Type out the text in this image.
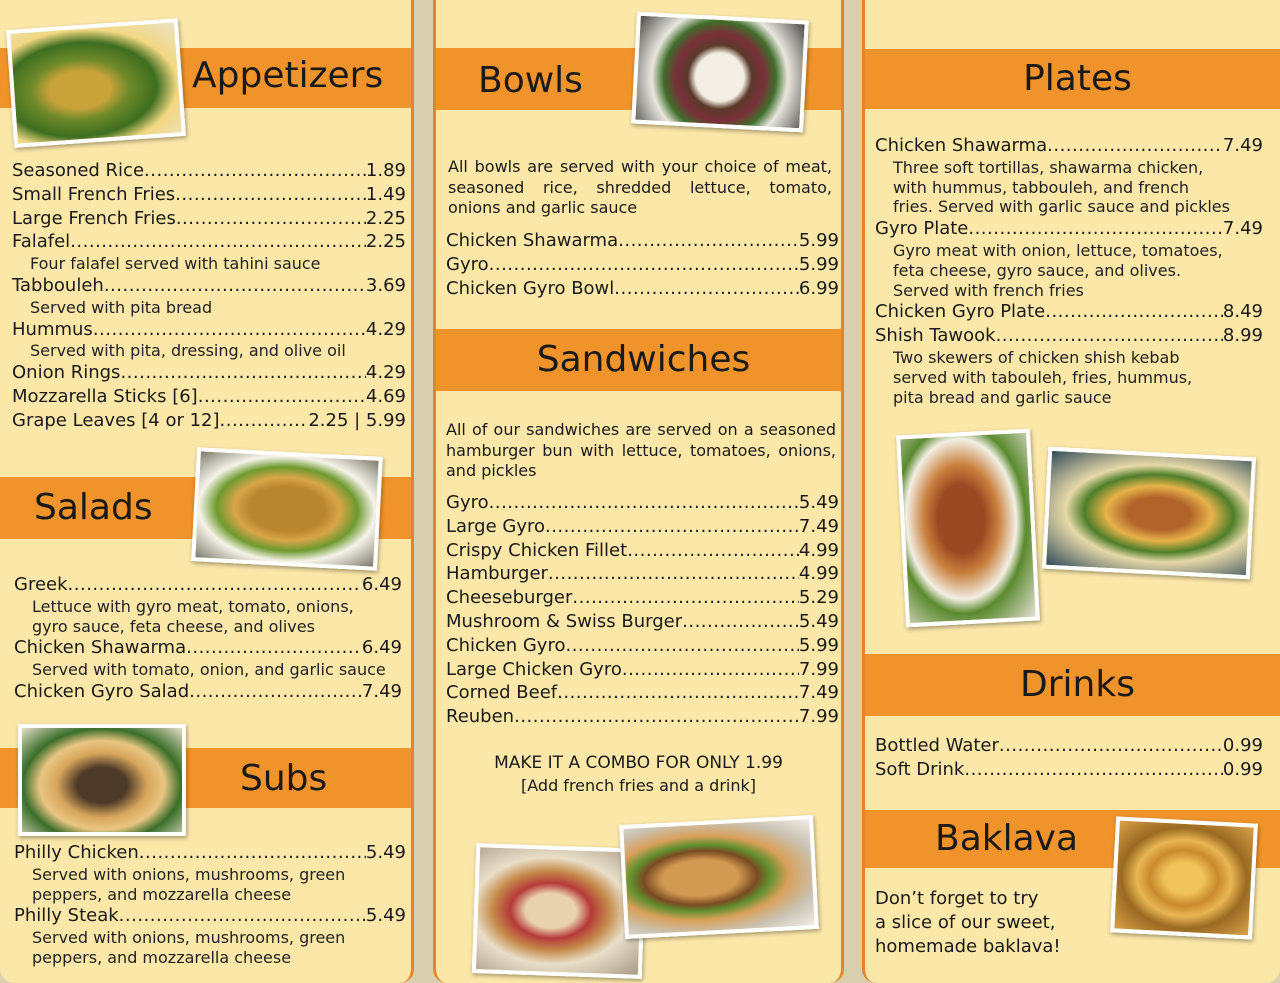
Appetizers
Seasoned Rice .....	1.89
Small French Fries .....	1.49
Large French Fries .....	2.25
Falafel .....	2.25
Four falafel served with tahini sauce
Tabbouleh .....	3.69
Served with pita bread
Hummus .....	4.29
Served with pita, dressing, and olive oil
Onion Rings .....	4.29
Mozzarella Sticks [6] .....	4.69
Grape Leaves [4 or 12] .....	2.25 | 5.99
Salads
Greek .....	6.49
Lettuce with gyro meat, tomato, onions,
gyro sauce, feta cheese, and olives
Chicken Shawarma .....	6.49
Served with tomato, onion, and garlic sauce
Chicken Gyro Salad .....	7.49
Subs
Philly Chicken .....	5.49
Served with onions, mushrooms, green
peppers, and mozzarella cheese
Philly Steak .....	5.49
Served with onions, mushrooms, green
peppers, and mozzarella cheese
Bowls
All bowls are served with your choice of meat, seasoned rice, shredded lettuce, tomato, onions and garlic sauce
Chicken Shawarma .....	5.99
Gyro .....	5.99
Chicken Gyro Bowl .....	6.99
Sandwiches
All of our sandwiches are served on a seasoned hamburger bun with lettuce, tomatoes, onions, and pickles
Gyro .....	5.49
Large Gyro .....	7.49
Crispy Chicken Fillet .....	4.99
Hamburger .....	4.99
Cheeseburger .....	5.29
Mushroom & Swiss Burger .....	5.49
Chicken Gyro .....	5.99
Large Chicken Gyro .....	7.99
Corned Beef .....	7.49
Reuben .....	7.99
MAKE IT A COMBO FOR ONLY 1.99
[Add french fries and a drink]
Plates
Chicken Shawarma .....	7.49
Three soft tortillas, shawarma chicken,
with hummus, tabbouleh, and french
fries. Served with garlic sauce and pickles
Gyro Plate .....	7.49
Gyro meat with onion, lettuce, tomatoes,
feta cheese, gyro sauce, and olives.
Served with french fries
Chicken Gyro Plate .....	8.49
Shish Tawook .....	8.99
Two skewers of chicken shish kebab
served with tabouleh, fries, hummus,
pita bread and garlic sauce
Drinks
Bottled Water .....	0.99
Soft Drink .....	0.99
Baklava
Don’t forget to try
a slice of our sweet,
homemade baklava!
